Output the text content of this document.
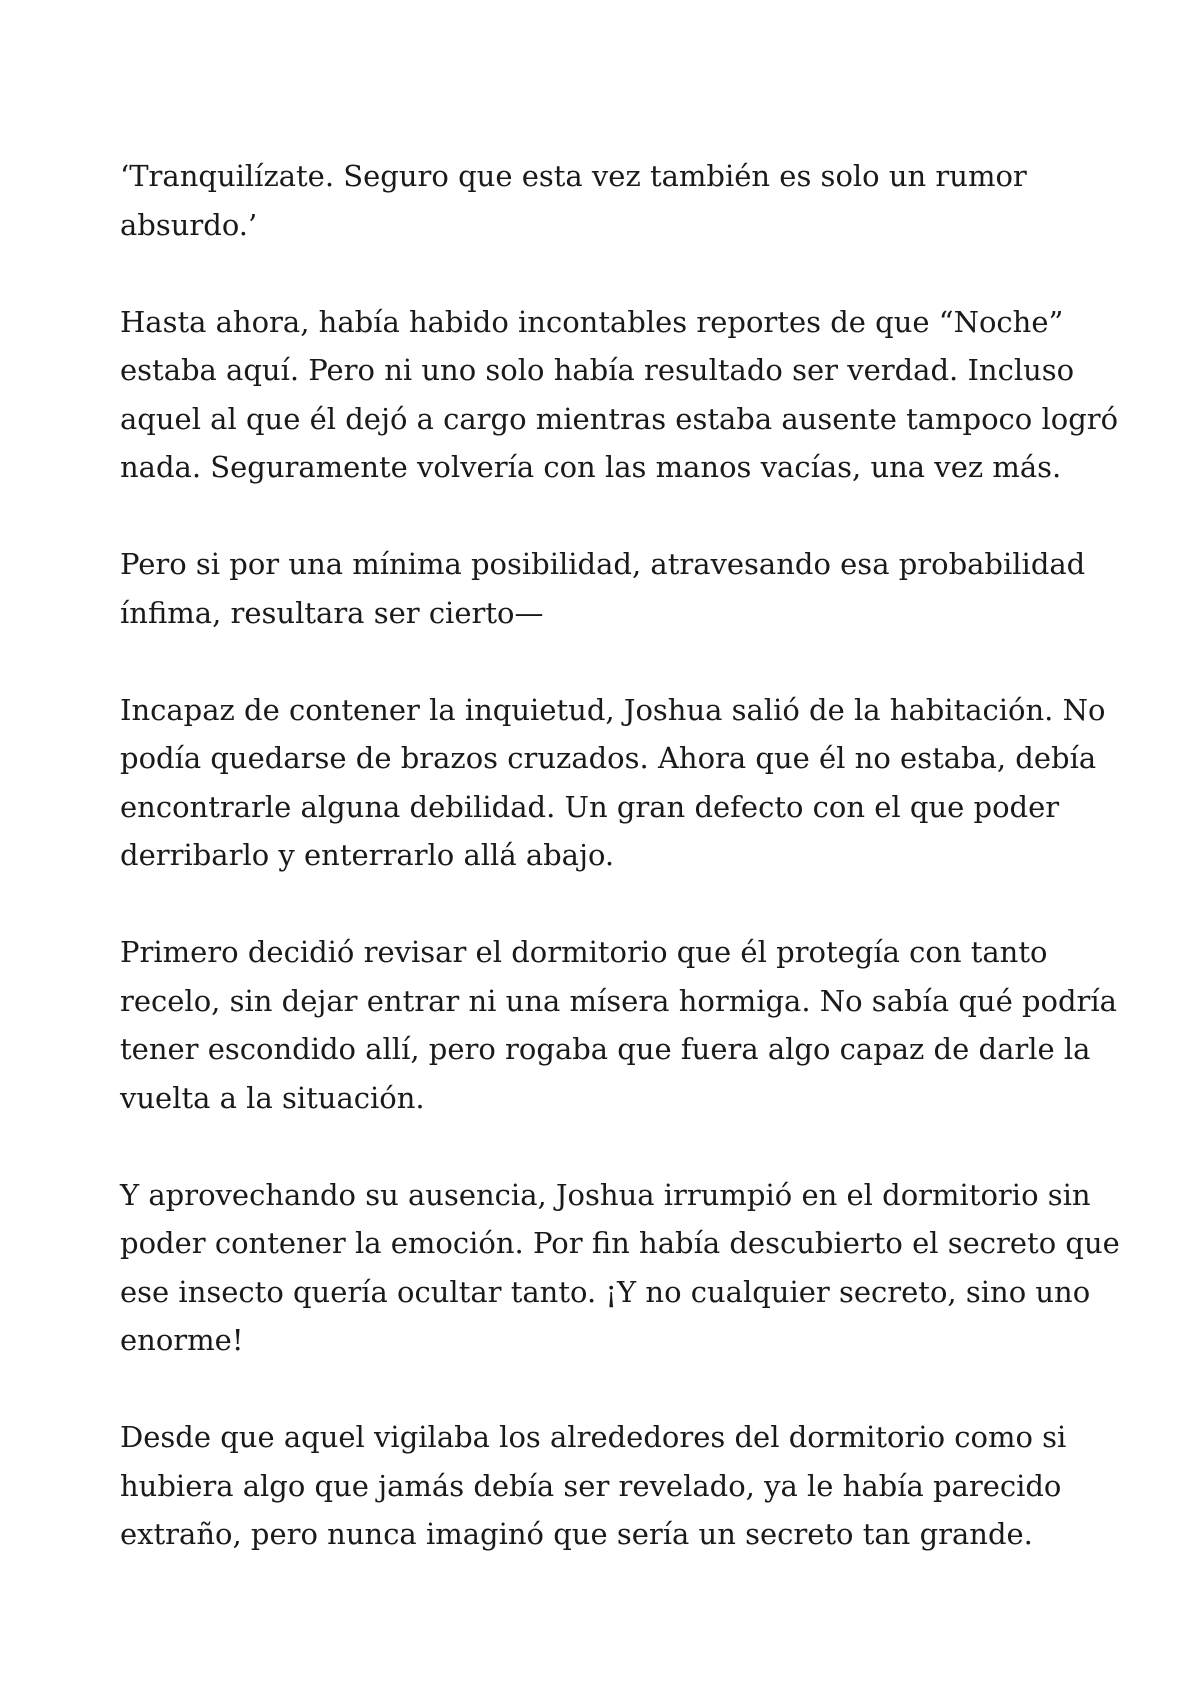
‘Tranquilízate. Seguro que esta vez también es solo un rumor
absurdo.’

Hasta ahora, había habido incontables reportes de que “Noche”
estaba aquí. Pero ni uno solo había resultado ser verdad. Incluso
aquel al que él dejó a cargo mientras estaba ausente tampoco logró
nada. Seguramente volvería con las manos vacías, una vez más.

Pero si por una mínima posibilidad, atravesando esa probabilidad
ínfima, resultara ser cierto—

Incapaz de contener la inquietud, Joshua salió de la habitación. No
podía quedarse de brazos cruzados. Ahora que él no estaba, debía
encontrarle alguna debilidad. Un gran defecto con el que poder
derribarlo y enterrarlo allá abajo.

Primero decidió revisar el dormitorio que él protegía con tanto
recelo, sin dejar entrar ni una mísera hormiga. No sabía qué podría
tener escondido allí, pero rogaba que fuera algo capaz de darle la
vuelta a la situación.

Y aprovechando su ausencia, Joshua irrumpió en el dormitorio sin
poder contener la emoción. Por fin había descubierto el secreto que
ese insecto quería ocultar tanto. ¡Y no cualquier secreto, sino uno
enorme!

Desde que aquel vigilaba los alrededores del dormitorio como si
hubiera algo que jamás debía ser revelado, ya le había parecido
extraño, pero nunca imaginó que sería un secreto tan grande.
